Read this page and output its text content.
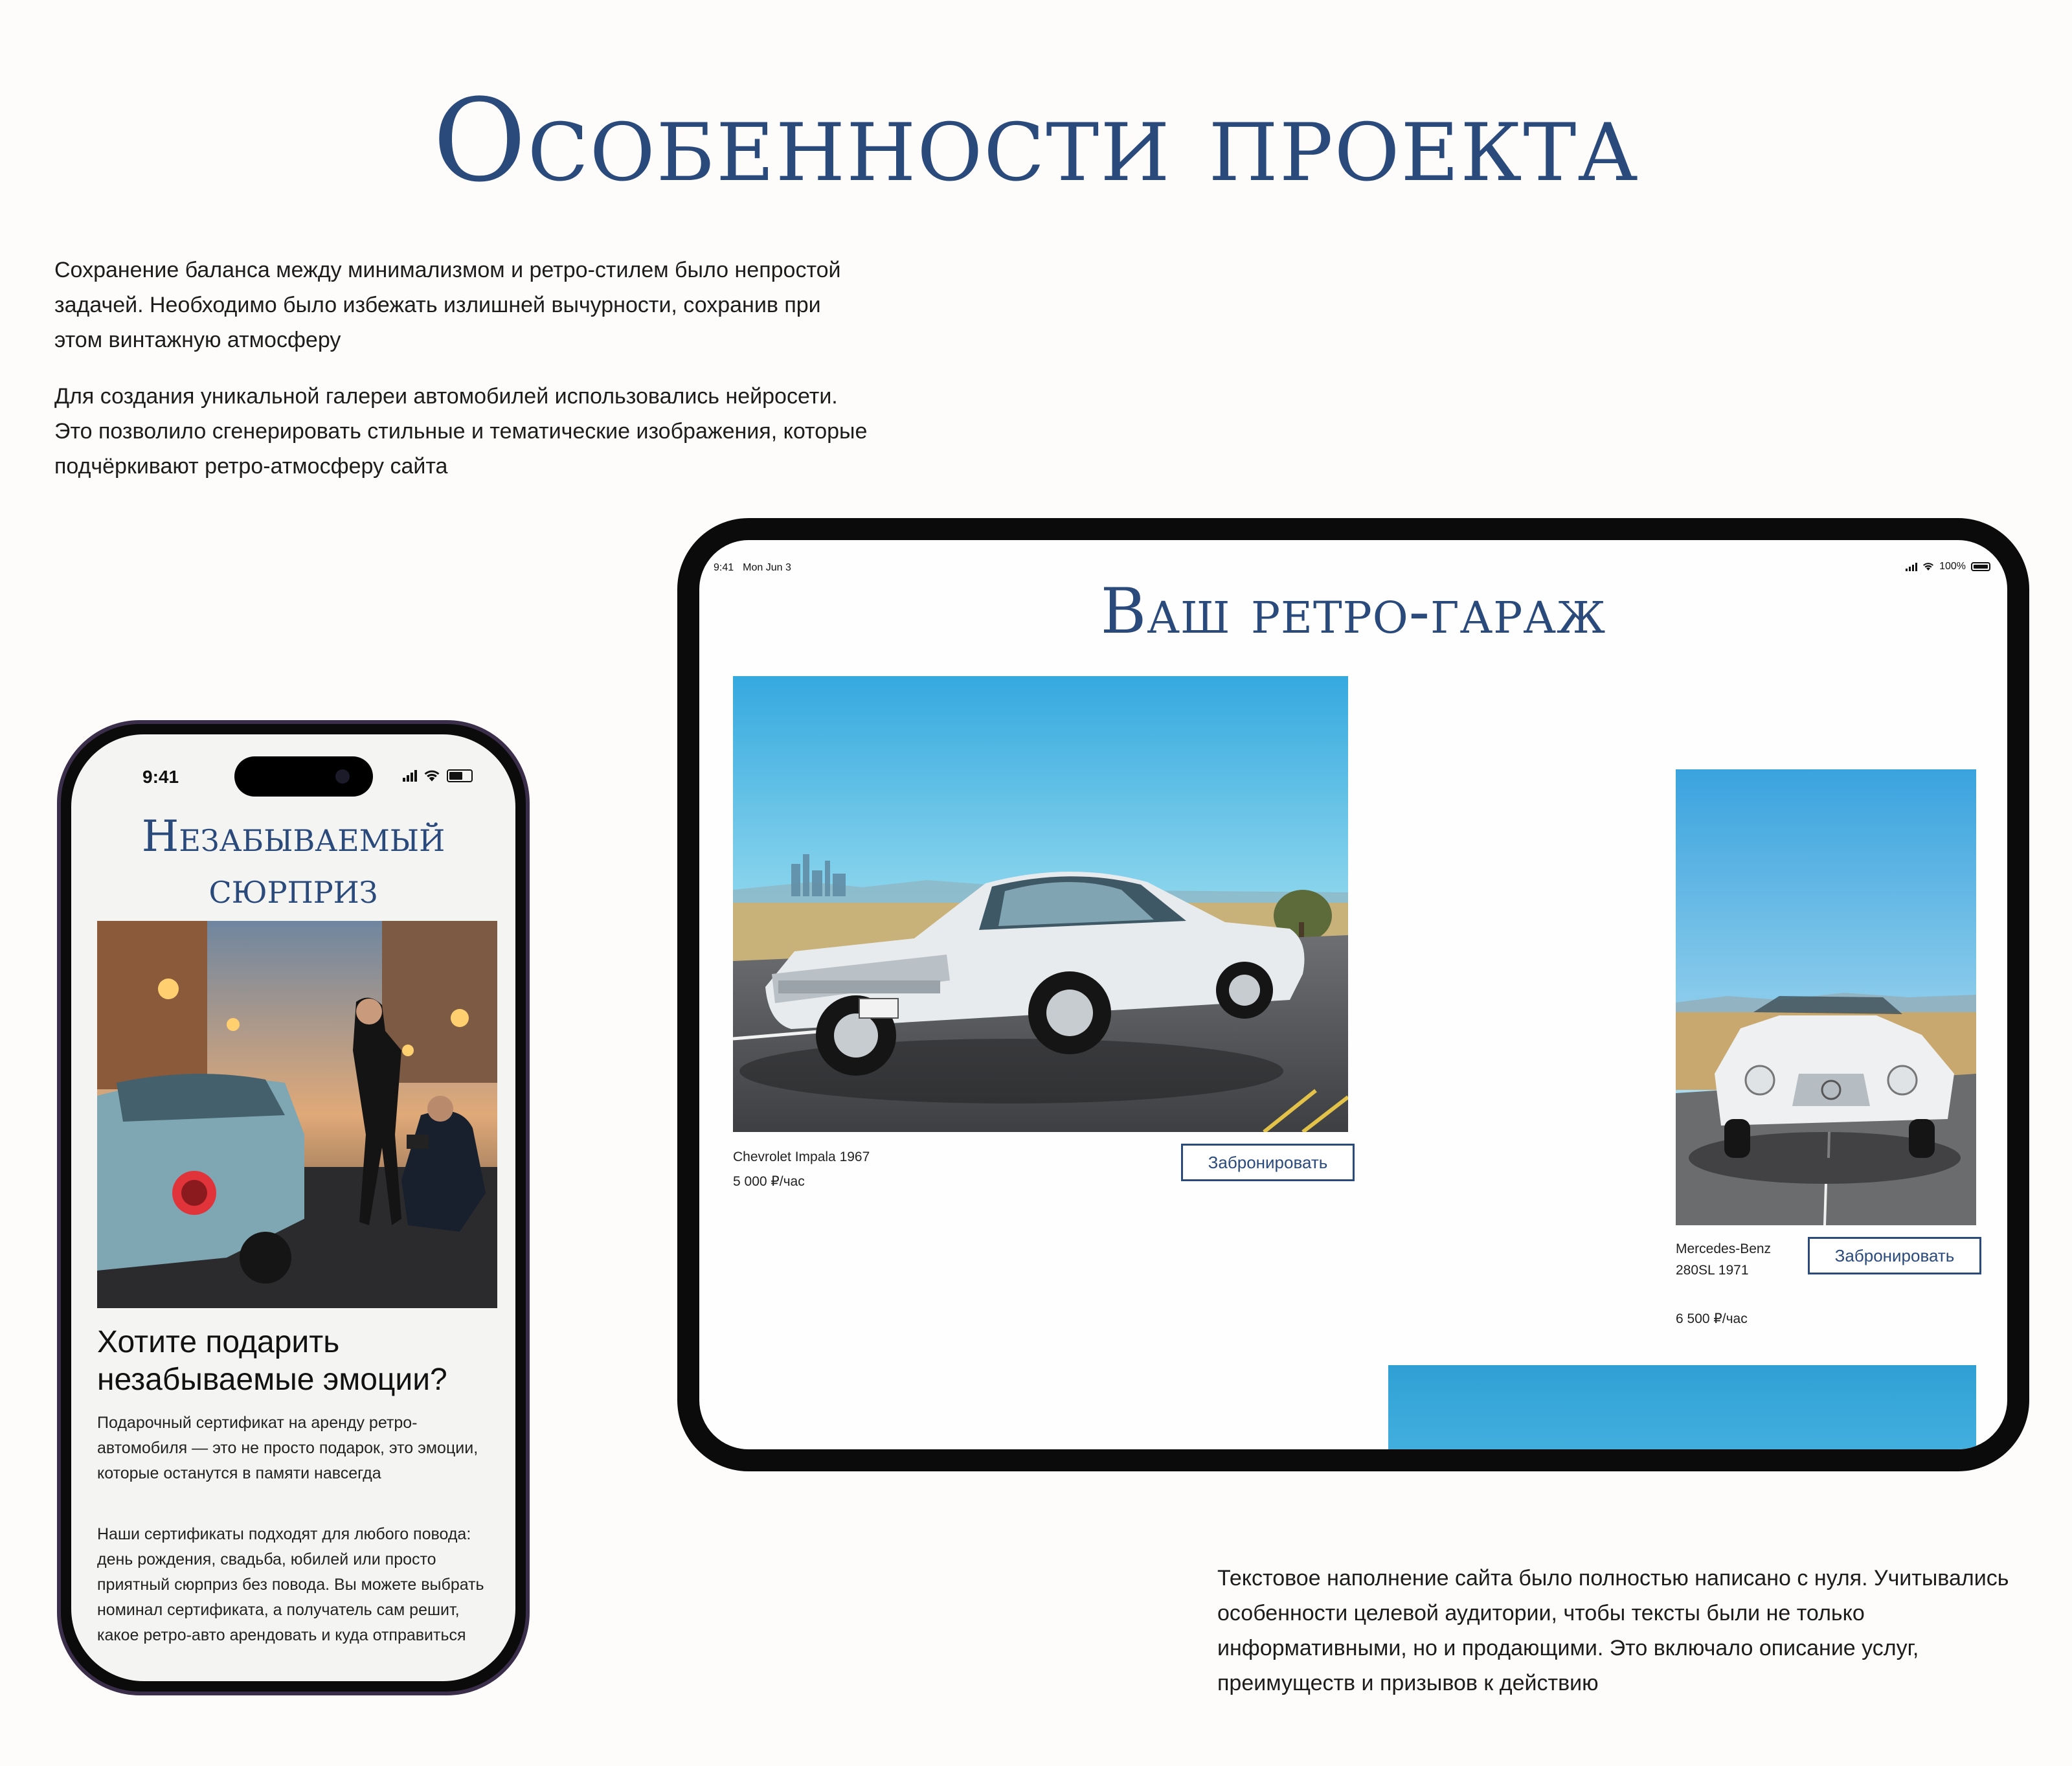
Особенности проекта

Сохранение баланса между минимализмом и ретро-стилем было непростой задачей. Необходимо было избежать излишней вычурности, сохранив при этом винтажную атмосферу

Для создания уникальной галереи автомобилей использовались нейросети. Это позволило сгенерировать стильные и тематические изображения, которые подчёркивают ретро-атмосферу сайта

9:41 Mon Jun 3	100%
Ваш ретро-гараж
Chevrolet Impala 1967
5 000 ₽/час
Забронировать
Mercedes-Benz 280SL 1971
6 500 ₽/час
Забронировать
9:41
Незабываемый сюрприз
Хотите подарить незабываемые эмоции?

Подарочный сертификат на аренду ретро-автомобиля — это не просто подарок, это эмоции, которые останутся в памяти навсегда

Наши сертификаты подходят для любого повода: день рождения, свадьба, юбилей или просто приятный сюрприз без повода. Вы можете выбрать номинал сертификата, а получатель сам решит, какое ретро-авто арендовать и куда отправиться

Текстовое наполнение сайта было полностью написано с нуля. Учитывались особенности целевой аудитории, чтобы тексты были не только информативными, но и продающими. Это включало описание услуг, преимуществ и призывов к действию
